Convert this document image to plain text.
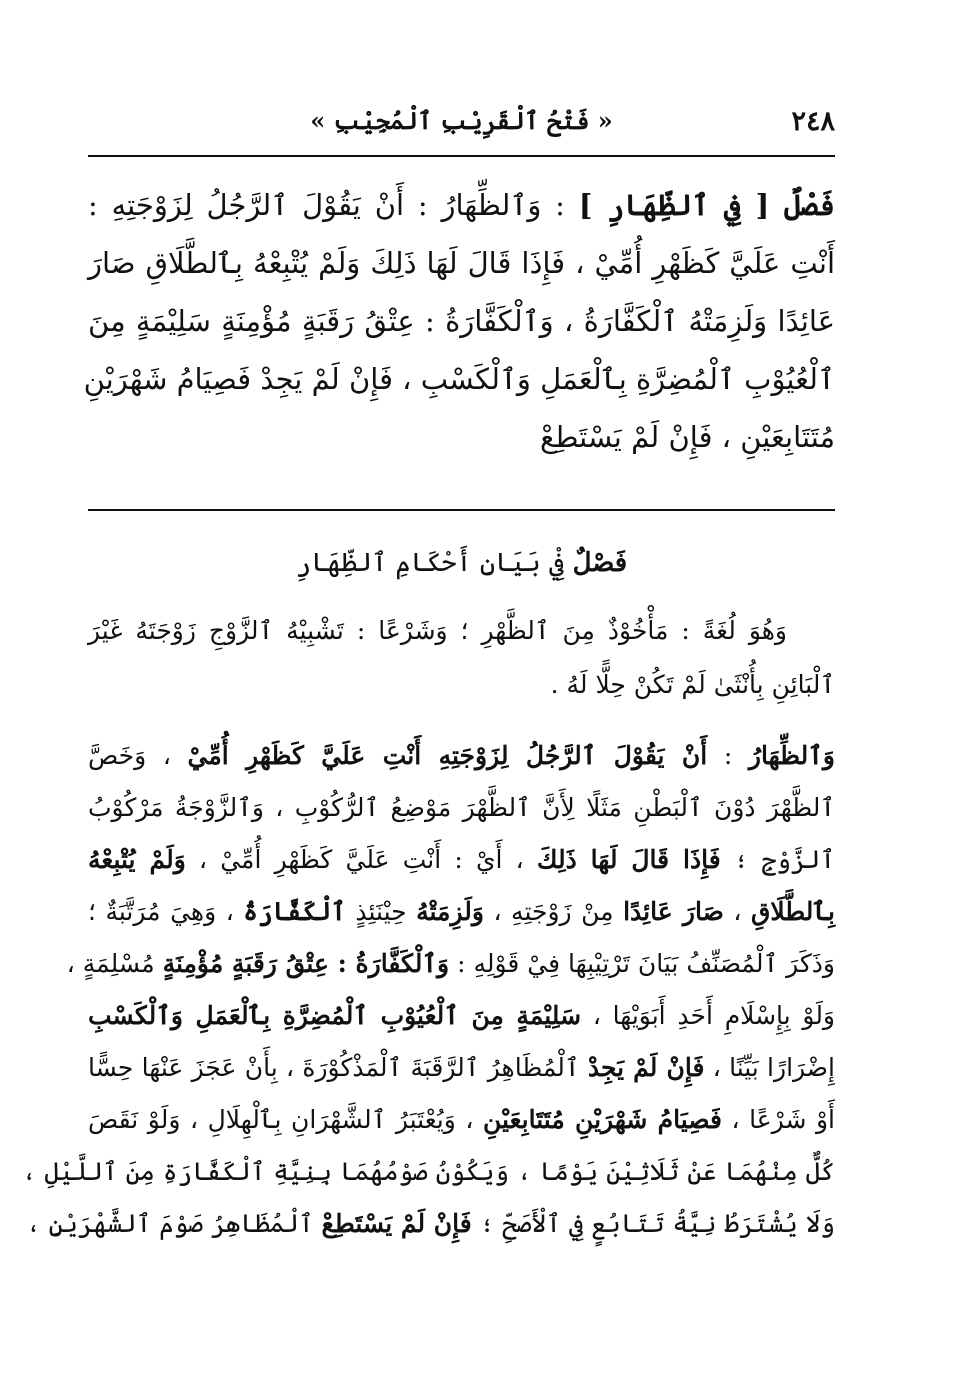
٢٤٨
« فَتْحُ ٱلْقَرِيْبِ ٱلْمُجِيْبِ »
فَصْلٌ [ فِي ٱلظِّهَارِ ] : وَٱلظِّهَارُ : أَنْ يَقُوْلَ ٱلرَّجُلُ لِزَوْجَتِهِ :
أَنْتِ عَلَيَّ كَظَهْرِ أُمِّيْ ، فَإِذَا قَالَ لَهَا ذَلِكَ وَلَمْ يُتْبِعْهُ بِٱلطَّلَاقِ صَارَ
عَائِدًا وَلَزِمَتْهُ ٱلْكَفَّارَةُ ، وَٱلْكَفَّارَةُ : عِتْقُ رَقَبَةٍ مُؤْمِنَةٍ سَلِيْمَةٍ مِنَ
ٱلْعُيُوْبِ ٱلْمُضِرَّةِ بِٱلْعَمَلِ وَٱلْكَسْبِ ، فَإِنْ لَمْ يَجِدْ فَصِيَامُ شَهْرَيْنِ
مُتَتَابِعَيْنِ ، فَإِنْ لَمْ يَسْتَطِعْ
فَصْلٌ فِيْ بَيَانِ أَحْكَامِ ٱلظِّهَارِ
وَهُوَ لُغَةً : مَأْخُوْذٌ مِنَ ٱلظَّهْرِ ؛ وَشَرْعًا : تَشْبِيْهُ ٱلزَّوْجِ زَوْجَتَهُ غَيْرَ
ٱلْبَائِنِ بِأُنْثَىٰ لَمْ تَكُنْ حِلًّا لَهُ .
وَٱلظِّهَارُ : أَنْ يَقُوْلَ ٱلرَّجُلُ لِزَوْجَتِهِ أَنْتِ عَلَيَّ كَظَهْرِ أُمِّيْ ، وَخَصَّ
ٱلظَّهْرَ دُوْنَ ٱلْبَطْنِ مَثَلًا لِأَنَّ ٱلظَّهْرَ مَوْضِعُ ٱلرُّكُوْبِ ، وَٱلزَّوْجَةُ مَرْكُوْبُ
ٱلزَّوْجِ ؛ فَإِذَا قَالَ لَهَا ذَلِكَ ، أَيْ : أَنْتِ عَلَيَّ كَظَهْرِ أُمِّيْ ، وَلَمْ يُتْبِعْهُ
بِٱلطَّلَاقِ ، صَارَ عَائِدًا مِنْ زَوْجَتِهِ ، وَلَزِمَتْهُ حِيْنَئِذٍ ٱلْكَفَّارَةُ ، وَهِيَ مُرَتَّبَةٌ ؛
وَذَكَرَ ٱلْمُصَنِّفُ بَيَانَ تَرْتِيْبِهَا فِيْ قَوْلِهِ : وَٱلْكَفَّارَةُ : عِتْقُ رَقَبَةٍ مُؤْمِنَةٍ مُسْلِمَةٍ ،
وَلَوْ بِإِسْلَامِ أَحَدِ أَبَوَيْهَا ، سَلِيْمَةٍ مِنَ ٱلْعُيُوْبِ ٱلْمُضِرَّةِ بِٱلْعَمَلِ وَٱلْكَسْبِ
إِضْرَارًا بَيِّنًا ، فَإِنْ لَمْ يَجِدْ ٱلْمُظَاهِرُ ٱلرَّقَبَةَ ٱلْمَذْكُوْرَةَ ، بِأَنْ عَجَزَ عَنْهَا حِسًّا
أَوْ شَرْعًا ، فَصِيَامُ شَهْرَيْنِ مُتَتَابِعَيْنِ ، وَيُعْتَبَرُ ٱلشَّهْرَانِ بِٱلْهِلَالِ ، وَلَوْ نَقَصَ
كُلٌّ مِنْهُمَا عَنْ ثَلَاثِيْنَ يَوْمًا ، وَيَكُوْنُ صَوْمُهُمَا بِنِيَّةِ ٱلْكَفَّارَةِ مِنَ ٱللَّيْلِ ،
وَلَا يُشْتَرَطُ نِيَّةُ تَتَابُعٍ فِي ٱلْأَصَحِّ ؛ فَإِنْ لَمْ يَسْتَطِعْ ٱلْمُظَاهِرُ صَوْمَ ٱلشَّهْرَيْنِ ،
